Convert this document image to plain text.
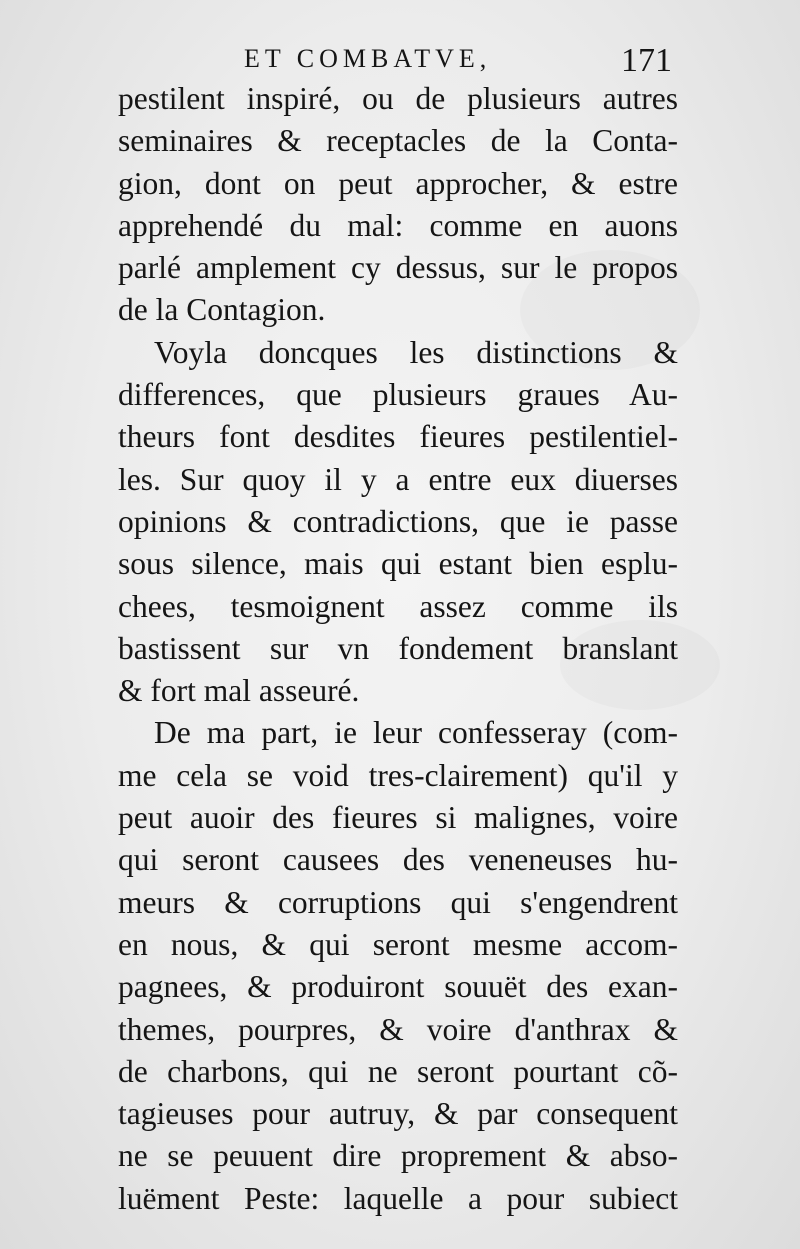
ET COMBATVE,	171
pestilent inspiré, ou de plusieurs autres
seminaires & receptacles de la Conta-
gion, dont on peut approcher, & estre
apprehendé du mal: comme en auons
parlé amplement cy dessus, sur le propos
de la Contagion.
Voyla doncques les distinctions &
differences, que plusieurs graues Au-
theurs font desdites fieures pestilentiel-
les. Sur quoy il y a entre eux diuerses
opinions & contradictions, que ie passe
sous silence, mais qui estant bien esplu-
chees, tesmoignent assez comme ils
bastissent sur vn fondement branslant
& fort mal asseuré.
De ma part, ie leur confesseray (com-
me cela se void tres-clairement) qu'il y
peut auoir des fieures si malignes, voire
qui seront causees des veneneuses hu-
meurs & corruptions qui s'engendrent
en nous, & qui seront mesme accom-
pagnees, & produiront souuët des exan-
themes, pourpres, & voire d'anthrax &
de charbons, qui ne seront pourtant cõ-
tagieuses pour autruy, & par consequent
ne se peuuent dire proprement & abso-
luëment Peste: laquelle a pour subiect
